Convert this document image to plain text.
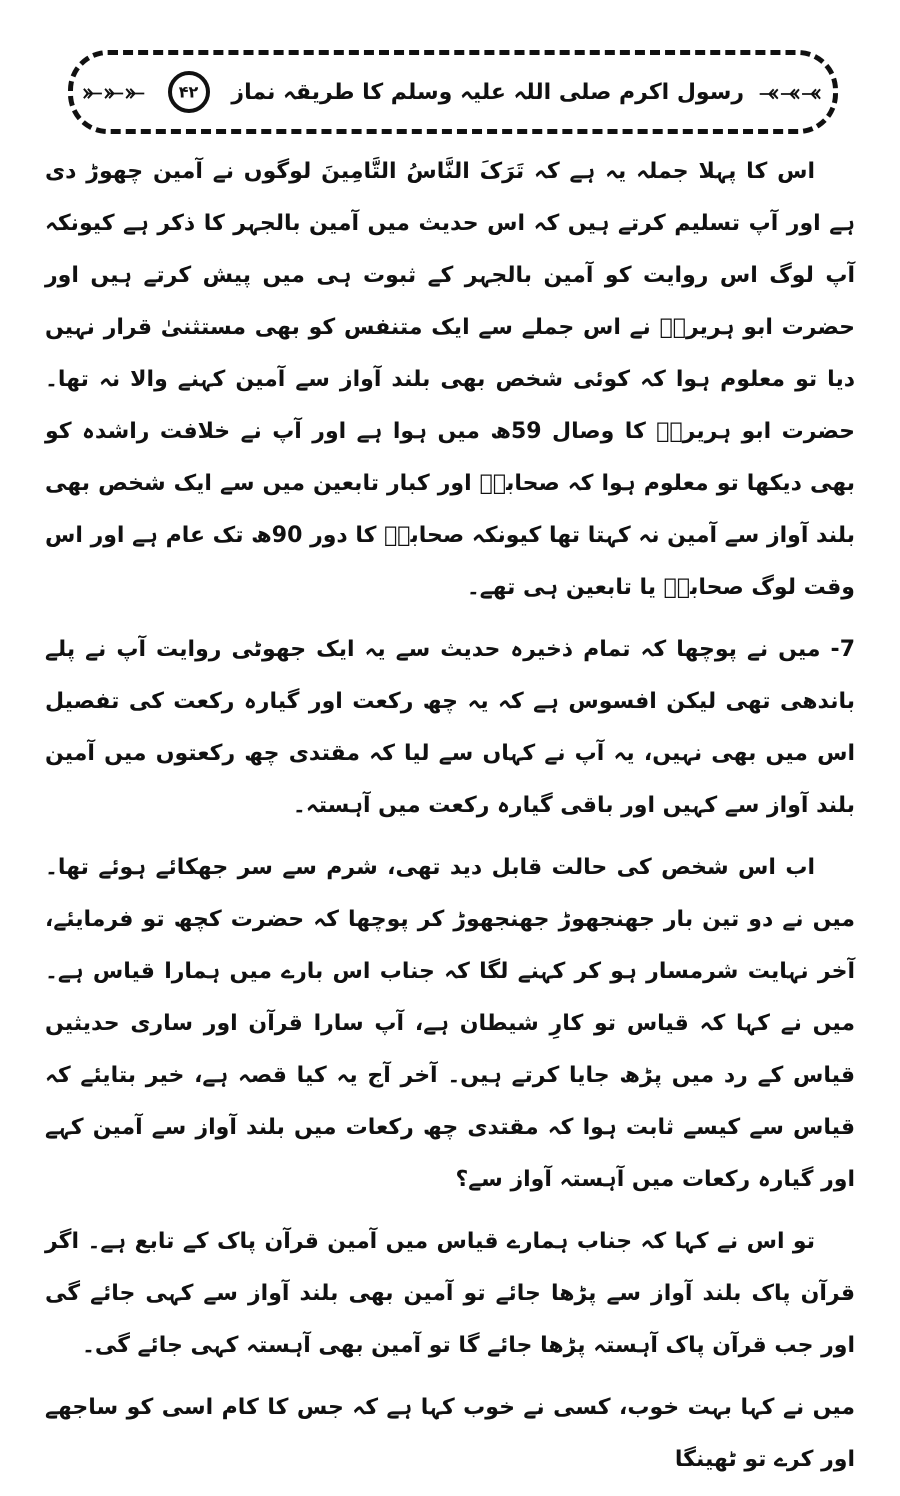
⤛⤛⤛
رسول اکرم صلی اللہ علیہ وسلم کا طریقہ نماز
۴۲
⤜⤜⤜

اس کا پہلا جملہ یہ ہے کہ تَرَکَ النَّاسُ التَّامِینَ لوگوں نے آمین چھوڑ دی ہے اور آپ تسلیم کرتے ہیں کہ اس حدیث میں آمین بالجہر کا ذکر ہے کیونکہ آپ لوگ اس روایت کو آمین بالجہر کے ثبوت ہی میں پیش کرتے ہیں اور حضرت ابو ہریرہؓ نے اس جملے سے ایک متنفس کو بھی مستثنیٰ قرار نہیں دیا تو معلوم ہوا کہ کوئی شخص بھی بلند آواز سے آمین کہنے والا نہ تھا۔ حضرت ابو ہریرہؓ کا وصال 59ھ میں ہوا ہے اور آپ نے خلافت راشدہ کو بھی دیکھا تو معلوم ہوا کہ صحابہؓ اور کبار تابعین میں سے ایک شخص بھی بلند آواز سے آمین نہ کہتا تھا کیونکہ صحابہؓ کا دور 90ھ تک عام ہے اور اس وقت لوگ صحابہؓ یا تابعین ہی تھے۔

7- میں نے پوچھا کہ تمام ذخیرہ حدیث سے یہ ایک جھوٹی روایت آپ نے پلے باندھی تھی لیکن افسوس ہے کہ یہ چھ رکعت اور گیارہ رکعت کی تفصیل اس میں بھی نہیں، یہ آپ نے کہاں سے لیا کہ مقتدی چھ رکعتوں میں آمین بلند آواز سے کہیں اور باقی گیارہ رکعت میں آہستہ۔

اب اس شخص کی حالت قابل دید تھی، شرم سے سر جھکائے ہوئے تھا۔ میں نے دو تین بار جھنجھوڑ جھنجھوڑ کر پوچھا کہ حضرت کچھ تو فرمایئے، آخر نہایت شرمسار ہو کر کہنے لگا کہ جناب اس بارے میں ہمارا قیاس ہے۔ میں نے کہا کہ قیاس تو کارِ شیطان ہے، آپ سارا قرآن اور ساری حدیثیں قیاس کے رد میں پڑھ جایا کرتے ہیں۔ آخر آج یہ کیا قصہ ہے، خیر بتایئے کہ قیاس سے کیسے ثابت ہوا کہ مقتدی چھ رکعات میں بلند آواز سے آمین کہے اور گیارہ رکعات میں آہستہ آواز سے؟

تو اس نے کہا کہ جناب ہمارے قیاس میں آمین قرآن پاک کے تابع ہے۔ اگر قرآن پاک بلند آواز سے پڑھا جائے تو آمین بھی بلند آواز سے کہی جائے گی اور جب قرآن پاک آہستہ پڑھا جائے گا تو آمین بھی آہستہ کہی جائے گی۔

میں نے کہا بہت خوب، کسی نے خوب کہا ہے کہ جس کا کام اسی کو ساجھے اور کرے تو ٹھینگا
